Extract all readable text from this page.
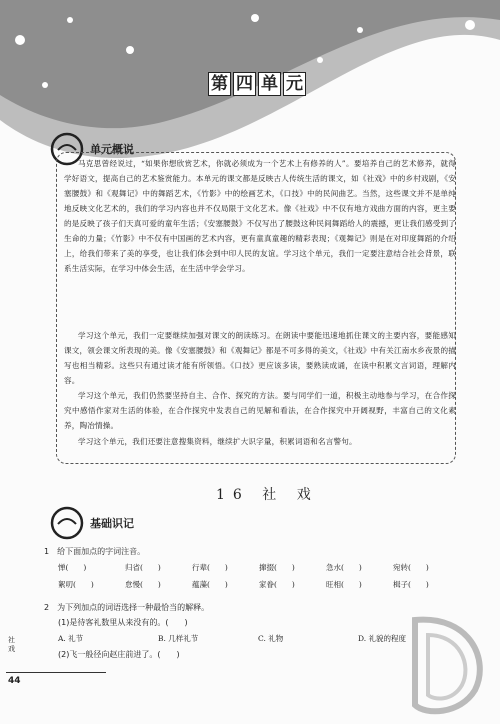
第 四 单 元
单元概说

马克思曾经说过，“如果你想欣赏艺术，你就必须成为一个艺术上有修养的人”。要培养自己的艺术修养，就得学好语文，提高自己的艺术鉴赏能力。本单元的课文都是反映古人传统生活的课文，如《社戏》中的乡村戏剧，《安塞腰鼓》和《观舞记》中的舞蹈艺术，《竹影》中的绘画艺术，《口技》中的民间曲艺。当然，这些课文并不是单纯地反映文化艺术的，我们的学习内容也并不仅局限于文化艺术。像《社戏》中不仅有地方戏曲方面的内容，更主要的是反映了孩子们天真可爱的童年生活；《安塞腰鼓》不仅写出了腰鼓这种民间舞蹈给人的震撼，更让我们感受到了生命的力量；《竹影》中不仅有中国画的艺术内容，更有童真童趣的精彩表现；《观舞记》则是在对印度舞蹈的介绍上，给我们带来了美的享受，也让我们体会到中印人民的友谊。学习这个单元，我们一定要注意结合社会背景，联系生活实际，在学习中体会生活，在生活中学会学习。

学习这个单元，我们一定要继续加强对课文的朗读练习。在朗读中要能迅速地抓住课文的主要内容，要能感知课文，领会课文所表现的美。像《安塞腰鼓》和《观舞记》都是不可多得的美文，《社戏》中有关江南水乡夜景的描写也相当精彩。这些只有通过读才能有所领悟。《口技》更应该多读，要熟读成诵，在读中积累文言词语，理解内容。

学习这个单元，我们仍然要坚持自主、合作、探究的方法。要与同学们一道，积极主动地参与学习，在合作探究中感悟作家对生活的体验，在合作探究中发表自己的见解和看法，在合作探究中开阔视野，丰富自己的文化素养，陶冶情操。

学习这个单元，我们还要注意搜集资料，继续扩大识字量，积累词语和名言警句。

16 社 戏
基础识记
1　给下面加点的字词注音。
惮(　　)	归省(　　)	行辈(　　)	撺掇(　　)	急水(　　)	宛转(　　)
絮叨(　　)	怠慢(　　)	蕴藻(　　)	家眷(　　)	旺相(　　)	楫子(　　)
2　为下列加点的词语选择一种最恰当的解释。
(1)是待客礼数里从来没有的。(　　)
A. 礼节	B. 几样礼节	C. 礼物	D. 礼貌的程度
(2)飞一般径向赵庄前进了。(　　)
社戏
44
